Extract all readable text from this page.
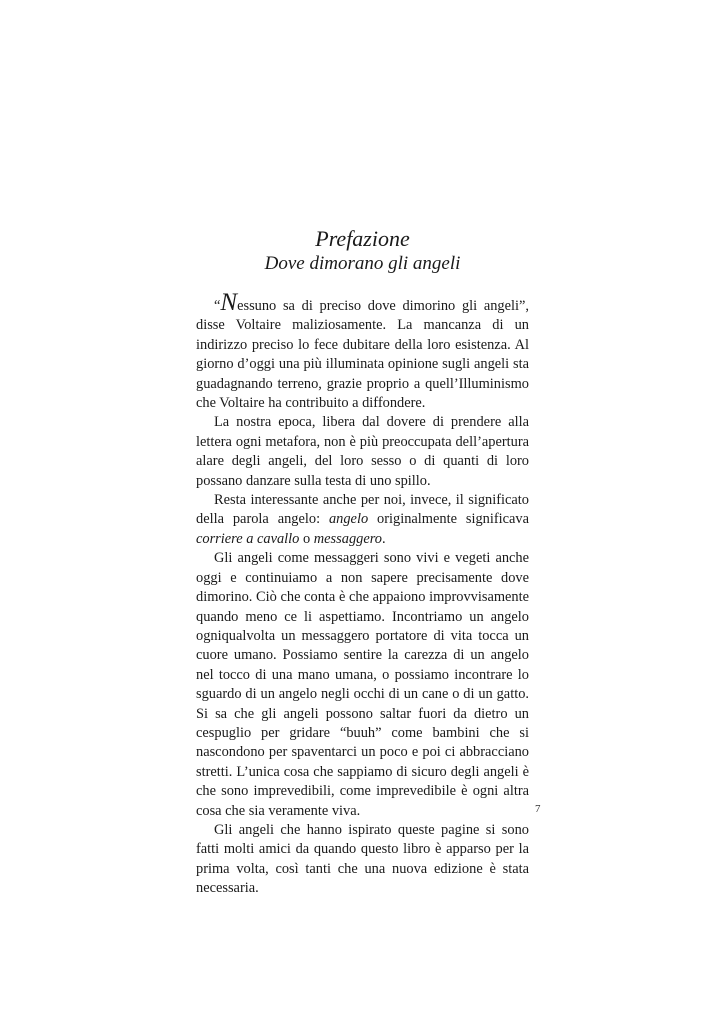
Prefazione
Dove dimorano gli angeli

“Nessuno sa di preciso dove dimorino gli angeli”, disse Voltaire maliziosamente. La mancanza di un indirizzo preciso lo fece dubitare della loro esistenza. Al giorno d’oggi una più illuminata opinione sugli angeli sta guadagnando terreno, grazie proprio a quell’Illuminismo che Voltaire ha contribuito a diffondere.

La nostra epoca, libera dal dovere di prendere alla lettera ogni metafora, non è più preoccupata dell’apertura alare degli angeli, del loro sesso o di quanti di loro possano danzare sulla testa di uno spillo.

Resta interessante anche per noi, invece, il significato della parola angelo: angelo originalmente significava corriere a cavallo o messaggero.

Gli angeli come messaggeri sono vivi e vegeti anche oggi e continuiamo a non sapere precisamente dove dimorino. Ciò che conta è che appaiono improvvisamente quando meno ce li aspettiamo. Incontriamo un angelo ogniqualvolta un messaggero portatore di vita tocca un cuore umano. Possiamo sentire la carezza di un angelo nel tocco di una mano umana, o possiamo incontrare lo sguardo di un angelo negli occhi di un cane o di un gatto. Si sa che gli angeli possono saltar fuori da dietro un cespuglio per gridare “buuh” come bambini che si nascondono per spaventarci un poco e poi ci abbracciano stretti. L’unica cosa che sappiamo di sicuro degli angeli è che sono imprevedibili, come imprevedibile è ogni altra cosa che sia veramente viva.

Gli angeli che hanno ispirato queste pagine si sono fatti molti amici da quando questo libro è apparso per la prima volta, così tanti che una nuova edizione è stata necessaria.

7
